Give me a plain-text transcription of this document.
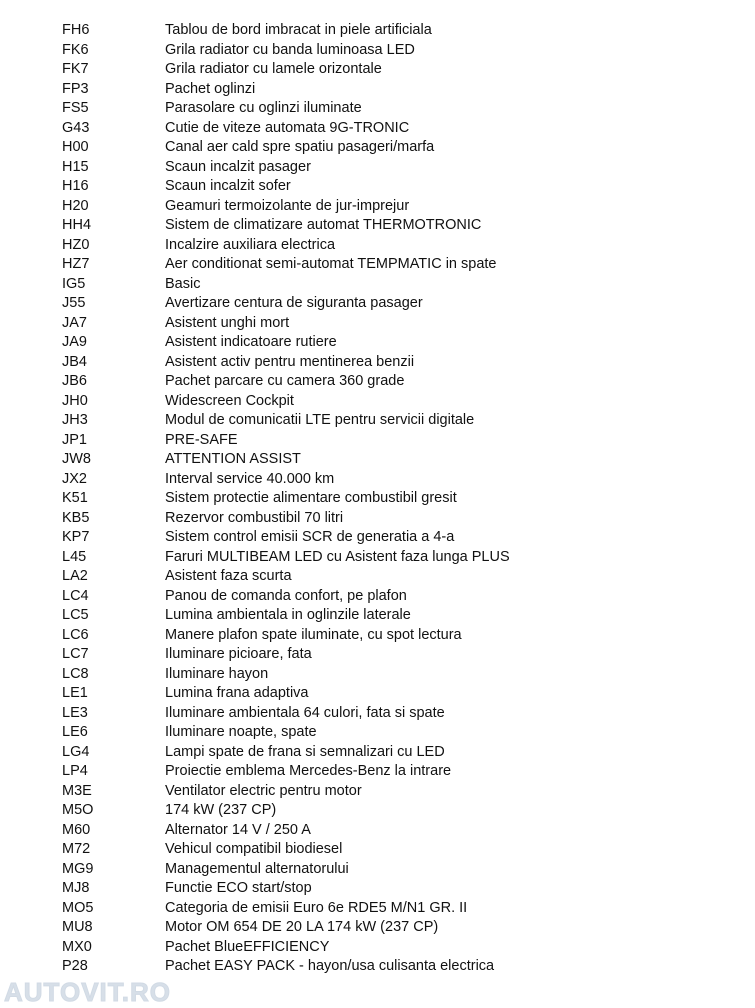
AUTOVIT.RO
FH6	Tablou de bord imbracat in piele artificiala
FK6	Grila radiator cu banda luminoasa LED
FK7	Grila radiator cu lamele orizontale
FP3	Pachet oglinzi
FS5	Parasolare cu oglinzi iluminate
G43	Cutie de viteze automata 9G-TRONIC
H00	Canal aer cald spre spatiu pasageri/marfa
H15	Scaun incalzit pasager
H16	Scaun incalzit sofer
H20	Geamuri termoizolante de jur-imprejur
HH4	Sistem de climatizare automat THERMOTRONIC
HZ0	Incalzire auxiliara electrica
HZ7	Aer conditionat semi-automat TEMPMATIC in spate
IG5	Basic
J55	Avertizare centura de siguranta pasager
JA7	Asistent unghi mort
JA9	Asistent indicatoare rutiere
JB4	Asistent activ pentru mentinerea benzii
JB6	Pachet parcare cu camera 360 grade
JH0	Widescreen Cockpit
JH3	Modul de comunicatii LTE pentru servicii digitale
JP1	PRE-SAFE
JW8	ATTENTION ASSIST
JX2	Interval service 40.000 km
K51	Sistem protectie alimentare combustibil gresit
KB5	Rezervor combustibil 70 litri
KP7	Sistem control emisii SCR de generatia a 4-a
L45	Faruri MULTIBEAM LED cu Asistent faza lunga PLUS
LA2	Asistent faza scurta
LC4	Panou de comanda confort, pe plafon
LC5	Lumina ambientala in oglinzile laterale
LC6	Manere plafon spate iluminate, cu spot lectura
LC7	Iluminare picioare, fata
LC8	Iluminare hayon
LE1	Lumina frana adaptiva
LE3	Iluminare ambientala 64 culori, fata si spate
LE6	Iluminare noapte, spate
LG4	Lampi spate de frana si semnalizari cu LED
LP4	Proiectie emblema Mercedes-Benz la intrare
M3E	Ventilator electric pentru motor
M5O	174 kW (237 CP)
M60	Alternator 14 V / 250 A
M72	Vehicul compatibil biodiesel
MG9	Managementul alternatorului
MJ8	Functie ECO start/stop
MO5	Categoria de emisii Euro 6e RDE5 M/N1 GR. II
MU8	Motor OM 654 DE 20 LA 174 kW (237 CP)
MX0	Pachet BlueEFFICIENCY
P28	Pachet EASY PACK - hayon/usa culisanta electrica
